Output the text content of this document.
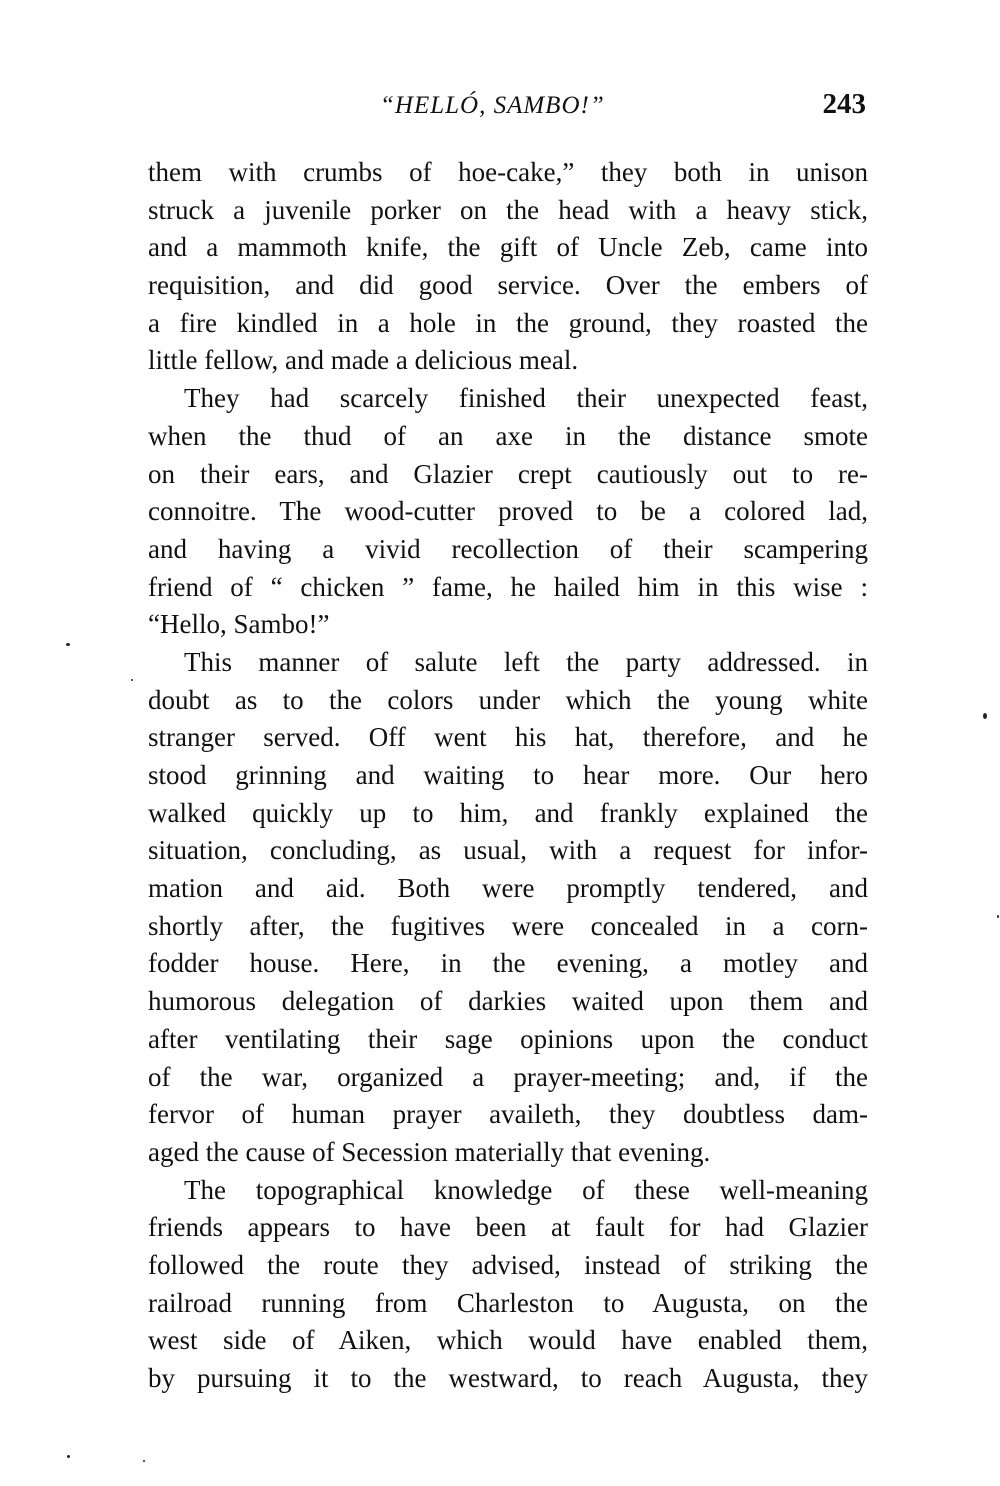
“HELLÓ, SAMBO!”	243
them with crumbs of hoe-cake,” they both in unison
struck a juvenile porker on the head with a heavy stick,
and a mammoth knife, the gift of Uncle Zeb, came into
requisition, and did good service. Over the embers of
a fire kindled in a hole in the ground, they roasted the
little fellow, and made a delicious meal.
They had scarcely finished their unexpected feast,
when the thud of an axe in the distance smote
on their ears, and Glazier crept cautiously out to re-
connoitre. The wood-cutter proved to be a colored lad,
and having a vivid recollection of their scampering
friend of “ chicken ” fame, he hailed him in this wise :
“Hello, Sambo!”
This manner of salute left the party addressed. in
doubt as to the colors under which the young white
stranger served. Off went his hat, therefore, and he
stood grinning and waiting to hear more. Our hero
walked quickly up to him, and frankly explained the
situation, concluding, as usual, with a request for infor-
mation and aid. Both were promptly tendered, and
shortly after, the fugitives were concealed in a corn-
fodder house. Here, in the evening, a motley and
humorous delegation of darkies waited upon them and
after ventilating their sage opinions upon the conduct
of the war, organized a prayer-meeting; and, if the
fervor of human prayer availeth, they doubtless dam-
aged the cause of Secession materially that evening.
The topographical knowledge of these well-meaning
friends appears to have been at fault for had Glazier
followed the route they advised, instead of striking the
railroad running from Charleston to Augusta, on the
west side of Aiken, which would have enabled them,
by pursuing it to the westward, to reach Augusta, they
